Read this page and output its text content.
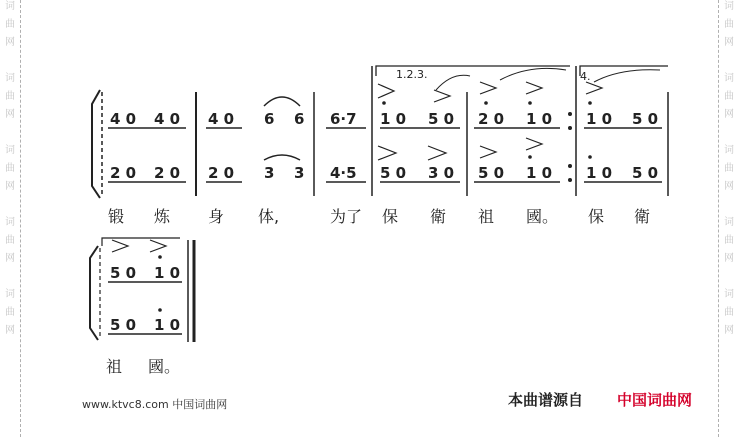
词
曲
网
词
曲
网
词
曲
网
词
曲
网
词
曲
网
词
曲
网
词
曲
网
词
曲
网
词
曲
网
词
曲
网
1.2.3.	4.
4 0 4 0 4 0 6 6 6·7 1 0 5 0 2 0 1 0 1 0 5 0
2 0 2 0 2 0 3 3 4·5 5 0 3 0 5 0 1 0 1 0 5 0
锻 炼 身 体,	为了 保 衛 祖 國。 保 衛
5 0 1 0
5 0 1 0
祖 國。
www.ktvc8.com 中国词曲网	本曲谱源自 中国词曲网
